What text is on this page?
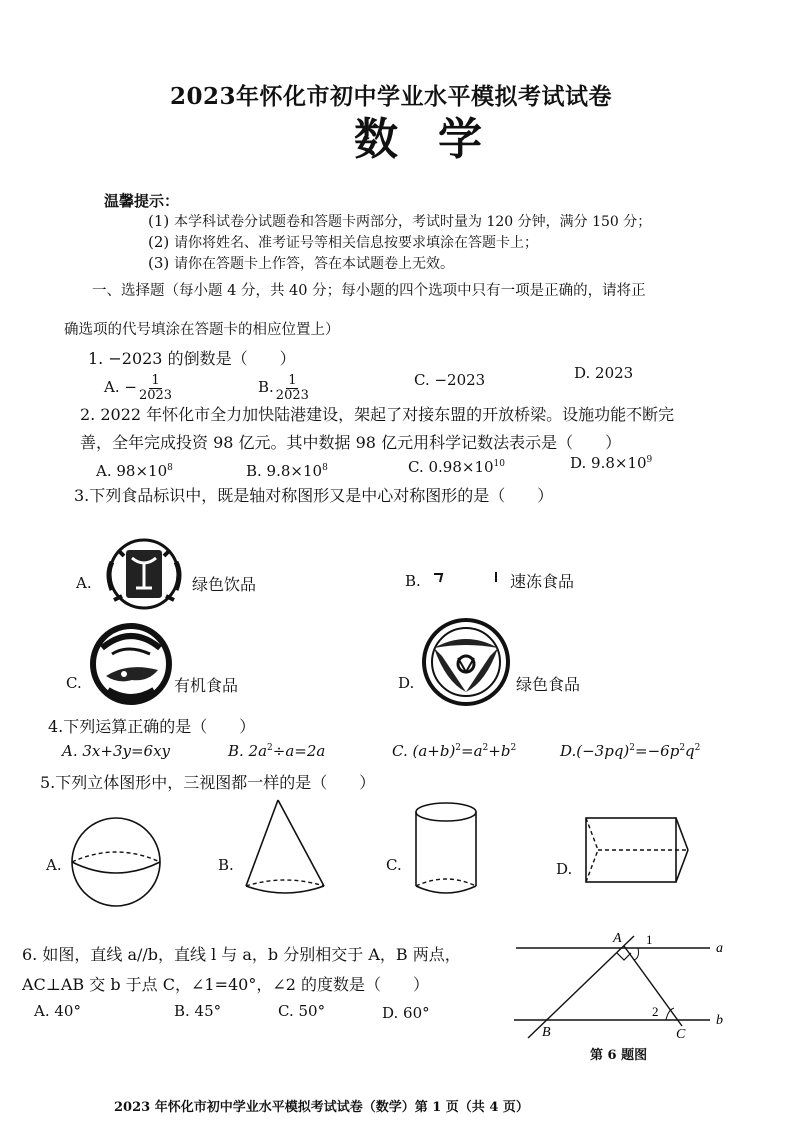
2023年怀化市初中学业水平模拟考试试卷
数学
温馨提示：
(1) 本学科试卷分试题卷和答题卡两部分，考试时量为 120 分钟，满分 150 分；
(2) 请你将姓名、准考证号等相关信息按要求填涂在答题卡上；
(3) 请你在答题卡上作答，答在本试题卷上无效。
一、选择题（每小题 4 分，共 40 分；每小题的四个选项中只有一项是正确的，请将正
确选项的代号填涂在答题卡的相应位置上）
1. −2023 的倒数是（　　）
A. − $\frac{1}{2023}$	B. $\frac{1}{2023}$	C. −2023	D. 2023
2. 2022 年怀化市全力加快陆港建设，架起了对接东盟的开放桥梁。设施功能不断完
善，全年完成投资 98 亿元。其中数据 98 亿元用科学记数法表示是（　　）
A. $98\times 10^8$	B. $9.8\times 10^8$	C. $0.98\times 10^{10}$	D. $9.8\times 10^9$
3.下列食品标识中，既是轴对称图形又是中心对称图形的是（　　）
A.	绿色饮品	B.	速冻食品
C.	有机食品	D.	绿色食品
4.下列运算正确的是（　　）
A. 3x+3y=6xy	B. $2a^2\div a=2a$	C. $(a+b)^2=a^2+b^2$	$D.(-3pq)^2=-6p^2q^2$
5.下列立体图形中，三视图都一样的是（　　）
A.	B.	C.	D.
6. 如图，直线 a//b，直线 l 与 a，b 分别相交于 A，B 两点，
AC⊥AB 交 b 于点 C，∠1=40°，∠2 的度数是（　　）
A. 40°	B. 45°	C. 50°	D. 60°
A 1
a
2
B	C
b
第 6 题图
2023 年怀化市初中学业水平模拟考试试卷（数学）第 1 页（共 4 页）
